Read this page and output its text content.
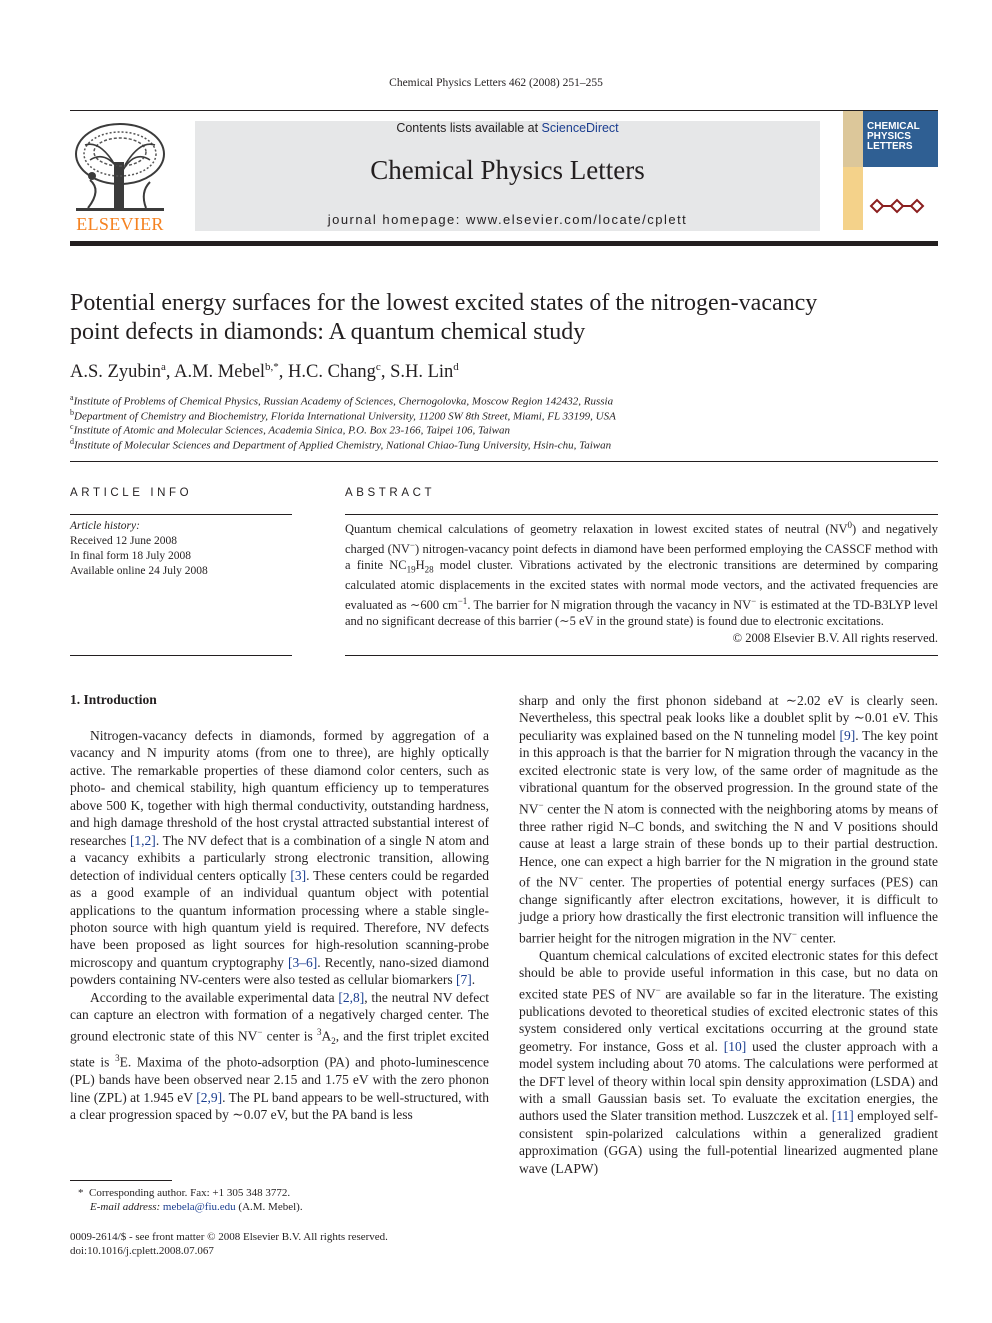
Chemical Physics Letters 462 (2008) 251–255
ELSEVIER
Contents lists available at ScienceDirect
Chemical Physics Letters
journal homepage: www.elsevier.com/locate/cplett
CHEMICAL
PHYSICS
LETTERS
Potential energy surfaces for the lowest excited states of the nitrogen-vacancy
point defects in diamonds: A quantum chemical study
A.S. Zyubin$^a$, A.M. Mebel$^{b,*}$, H.C. Chang$^c$, S.H. Lin$^d$
$^a$Institute of Problems of Chemical Physics, Russian Academy of Sciences, Chernogolovka, Moscow Region 142432, Russia
$^b$Department of Chemistry and Biochemistry, Florida International University, 11200 SW 8th Street, Miami, FL 33199, USA
$^c$Institute of Atomic and Molecular Sciences, Academia Sinica, P.O. Box 23-166, Taipei 106, Taiwan
$^d$Institute of Molecular Sciences and Department of Applied Chemistry, National Chiao-Tung University, Hsin-chu, Taiwan
ARTICLE INFO
Article history:
Received 12 June 2008
In final form 18 July 2008
Available online 24 July 2008
ABSTRACT
Quantum chemical calculations of geometry relaxation in lowest excited states of neutral $(NV^0)$ and negatively charged (NV−) nitrogen-vacancy point defects in diamond have been performed employing the CASSCF method with a finite $NC_{19}H_{28}$ model cluster. Vibrations activated by the electronic transitions are determined by comparing calculated atomic displacements in the excited states with normal mode vectors, and the activated frequencies are evaluated as ∼600 $cm^{-1}$. The barrier for N migration through the vacancy in NV− is estimated at the TD-B3LYP level and no significant decrease of this barrier (∼5 eV in the ground state) is found due to electronic excitations.
© 2008 Elsevier B.V. All rights reserved.
1. Introduction

Nitrogen-vacancy defects in diamonds, formed by aggregation of a vacancy and N impurity atoms (from one to three), are highly optically active. The remarkable properties of these diamond color centers, such as photo- and chemical stability, high quantum efficiency up to temperatures above 500 K, together with high thermal conductivity, outstanding hardness, and high damage threshold of the host crystal attracted substantial interest of researches [1,2]. The NV defect that is a combination of a single N atom and a vacancy exhibits a particularly strong electronic transition, allowing detection of individual centers optically [3]. These centers could be regarded as a good example of an individual quantum object with potential applications to the quantum information processing where a stable single-photon source with high quantum yield is required. Therefore, NV defects have been proposed as light sources for high-resolution scanning-probe microscopy and quantum cryptography [3–6]. Recently, nano-sized diamond powders containing NV-centers were also tested as cellular biomarkers [7].

According to the available experimental data [2,8], the neutral NV defect can capture an electron with formation of a negatively charged center. The ground electronic state of this NV− center is $^3A_2$, and the first triplet excited state is $^3$E. Maxima of the photo-adsorption (PA) and photo-luminescence (PL) bands have been observed near 2.15 and 1.75 eV with the zero phonon line (ZPL) at 1.945 eV [2,9]. The PL band appears to be well-structured, with a clear progression spaced by ∼0.07 eV, but the PA band is less

sharp and only the first phonon sideband at ∼2.02 eV is clearly seen. Nevertheless, this spectral peak looks like a doublet split by ∼0.01 eV. This peculiarity was explained based on the N tunneling model [9]. The key point in this approach is that the barrier for N migration through the vacancy in the excited electronic state is very low, of the same order of magnitude as the vibrational quantum for the observed progression. In the ground state of the NV− center the N atom is connected with the neighboring atoms by means of three rather rigid N–C bonds, and switching the N and V positions should cause at least a large strain of these bonds up to their partial destruction. Hence, one can expect a high barrier for the N migration in the ground state of the NV− center. The properties of potential energy surfaces (PES) can change significantly after electron excitations, however, it is difficult to judge a priory how drastically the first electronic transition will influence the barrier height for the nitrogen migration in the NV− center.

Quantum chemical calculations of excited electronic states for this defect should be able to provide useful information in this case, but no data on excited state PES of NV− are available so far in the literature. The existing publications devoted to theoretical studies of excited electronic states of this system considered only vertical excitations occurring at the ground state geometry. For instance, Goss et al. [10] used the cluster approach with a model system including about 70 atoms. The calculations were performed at the DFT level of theory within local spin density approximation (LSDA) and with a small Gaussian basis set. To evaluate the excitation energies, the authors used the Slater transition method. Luszczek et al. [11] employed self-consistent spin-polarized calculations within a generalized gradient approximation (GGA) using the full-potential linearized augmented plane wave (LAPW)

* Corresponding author. Fax: +1 305 348 3772.
E-mail address: mebela@fiu.edu (A.M. Mebel).
0009-2614/$ - see front matter © 2008 Elsevier B.V. All rights reserved.
doi:10.1016/j.cplett.2008.07.067
